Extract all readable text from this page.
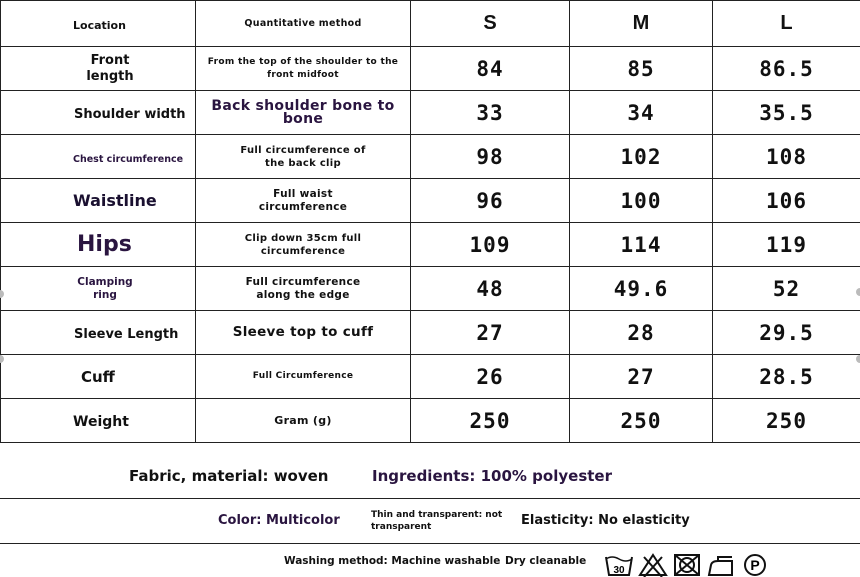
Location	Quantitative method	S	M	L
Front length	From the top of the shoulder to the front midfoot	84	85	86.5
Shoulder width	Back shoulder bone to bone	33	34	35.5
Chest circumference	Full circumference of the back clip	98	102	108
Waistline	Full waist circumference	96	100	106
Hips	Clip down 35cm full circumference	109	114	119
Clamping ring	Full circumference along the edge	48	49.6	52
Sleeve Length	Sleeve top to cuff	27	28	29.5
Cuff	Full Circumference	26	27	28.5
Weight	Gram (g)	250	250	250
Fabric, material: woven	Ingredients: 100% polyester
Color: Multicolor	Thin and transparent: not transparent	Elasticity: No elasticity
Washing method: Machine washable Dry cleanable
30	P
